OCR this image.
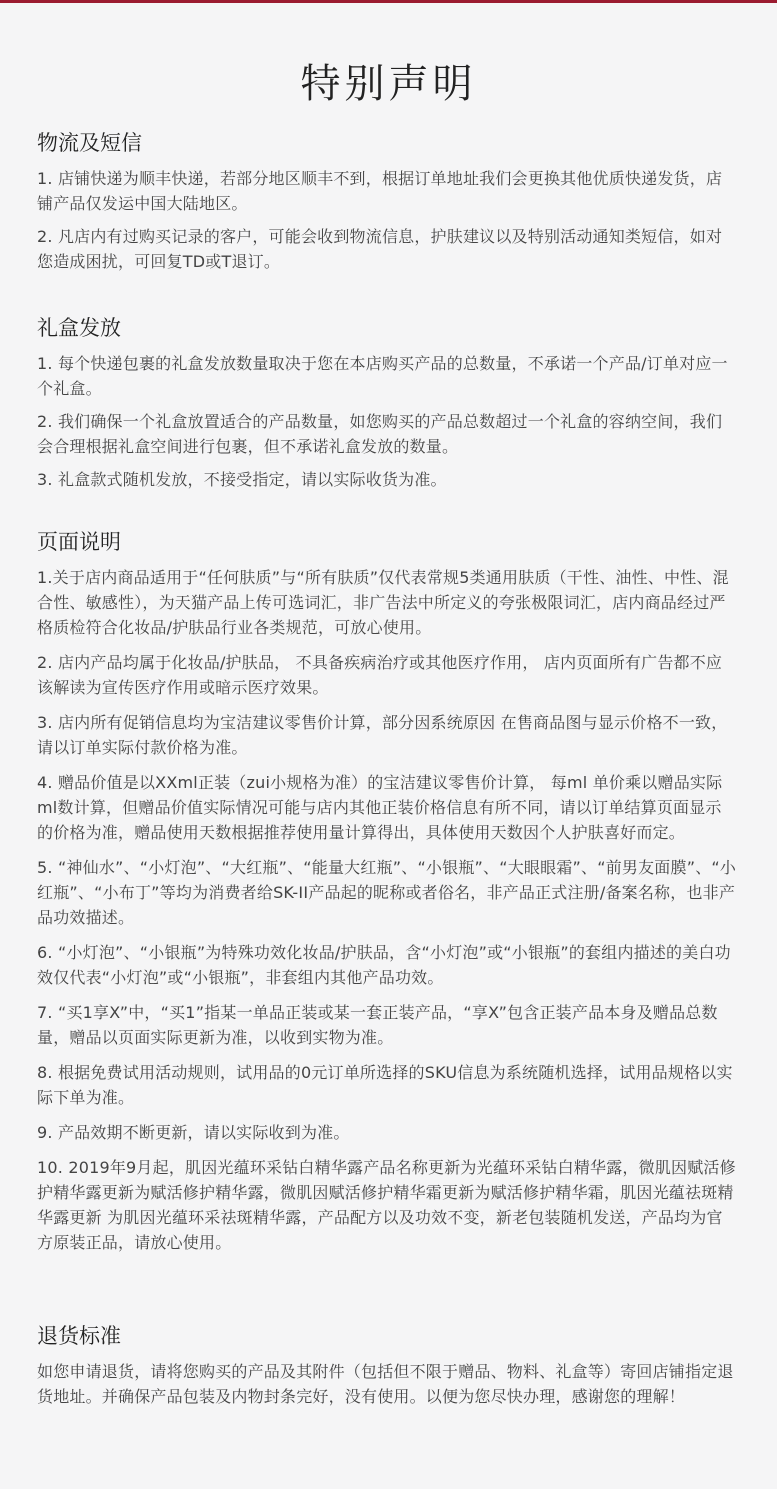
特别声明
物流及短信

1. 店铺快递为顺丰快递，若部分地区顺丰不到，根据订单地址我们会更换其他优质快递发货，店铺产品仅发运中国大陆地区。

2. 凡店内有过购买记录的客户，可能会收到物流信息，护肤建议以及特别活动通知类短信，如对您造成困扰，可回复TD或T退订。

礼盒发放

1. 每个快递包裹的礼盒发放数量取决于您在本店购买产品的总数量，不承诺一个产品/订单对应一个礼盒。

2. 我们确保一个礼盒放置适合的产品数量，如您购买的产品总数超过一个礼盒的容纳空间，我们会合理根据礼盒空间进行包裹，但不承诺礼盒发放的数量。

3. 礼盒款式随机发放，不接受指定，请以实际收货为准。

页面说明

1.关于店内商品适用于“任何肤质”与“所有肤质”仅代表常规5类通用肤质（干性、油性、中性、混合性、敏感性），为天猫产品上传可选词汇，非广告法中所定义的夸张极限词汇，店内商品经过严格质检符合化妆品/护肤品行业各类规范，可放心使用。

2. 店内产品均属于化妆品/护肤品， 不具备疾病治疗或其他医疗作用， 店内页面所有广告都不应该解读为宣传医疗作用或暗示医疗效果。

3. 店内所有促销信息均为宝洁建议零售价计算，部分因系统原因 在售商品图与显示价格不一致，请以订单实际付款价格为准。

4. 赠品价值是以XXml正装（zui小规格为准）的宝洁建议零售价计算， 每ml 单价乘以赠品实际ml数计算，但赠品价值实际情况可能与店内其他正装价格信息有所不同，请以订单结算页面显示的价格为准，赠品使用天数根据推荐使用量计算得出，具体使用天数因个人护肤喜好而定。

5. “神仙水”、“小灯泡”、“大红瓶”、“能量大红瓶”、“小银瓶”、“大眼眼霜”、“前男友面膜”、“小红瓶”、“小布丁”等均为消费者给SK-II产品起的昵称或者俗名，非产品正式注册/备案名称，也非产品功效描述。

6. “小灯泡”、“小银瓶”为特殊功效化妆品/护肤品，含“小灯泡”或“小银瓶”的套组内描述的美白功效仅代表“小灯泡”或“小银瓶”，非套组内其他产品功效。

7. “买1享X”中，“买1”指某一单品正装或某一套正装产品，“享X”包含正装产品本身及赠品总数量，赠品以页面实际更新为准，以收到实物为准。

8. 根据免费试用活动规则，试用品的0元订单所选择的SKU信息为系统随机选择，试用品规格以实际下单为准。

9. 产品效期不断更新，请以实际收到为准。

10. 2019年9月起，肌因光蕴环采钻白精华露产品名称更新为光蕴环采钻白精华露，微肌因赋活修护精华露更新为赋活修护精华露，微肌因赋活修护精华霜更新为赋活修护精华霜，肌因光蕴祛斑精华露更新 为肌因光蕴环采祛斑精华露，产品配方以及功效不变，新老包装随机发送，产品均为官方原装正品，请放心使用。

退货标准

如您申请退货，请将您购买的产品及其附件（包括但不限于赠品、物料、礼盒等）寄回店铺指定退货地址。并确保产品包装及内物封条完好，没有使用。以便为您尽快办理，感谢您的理解！
